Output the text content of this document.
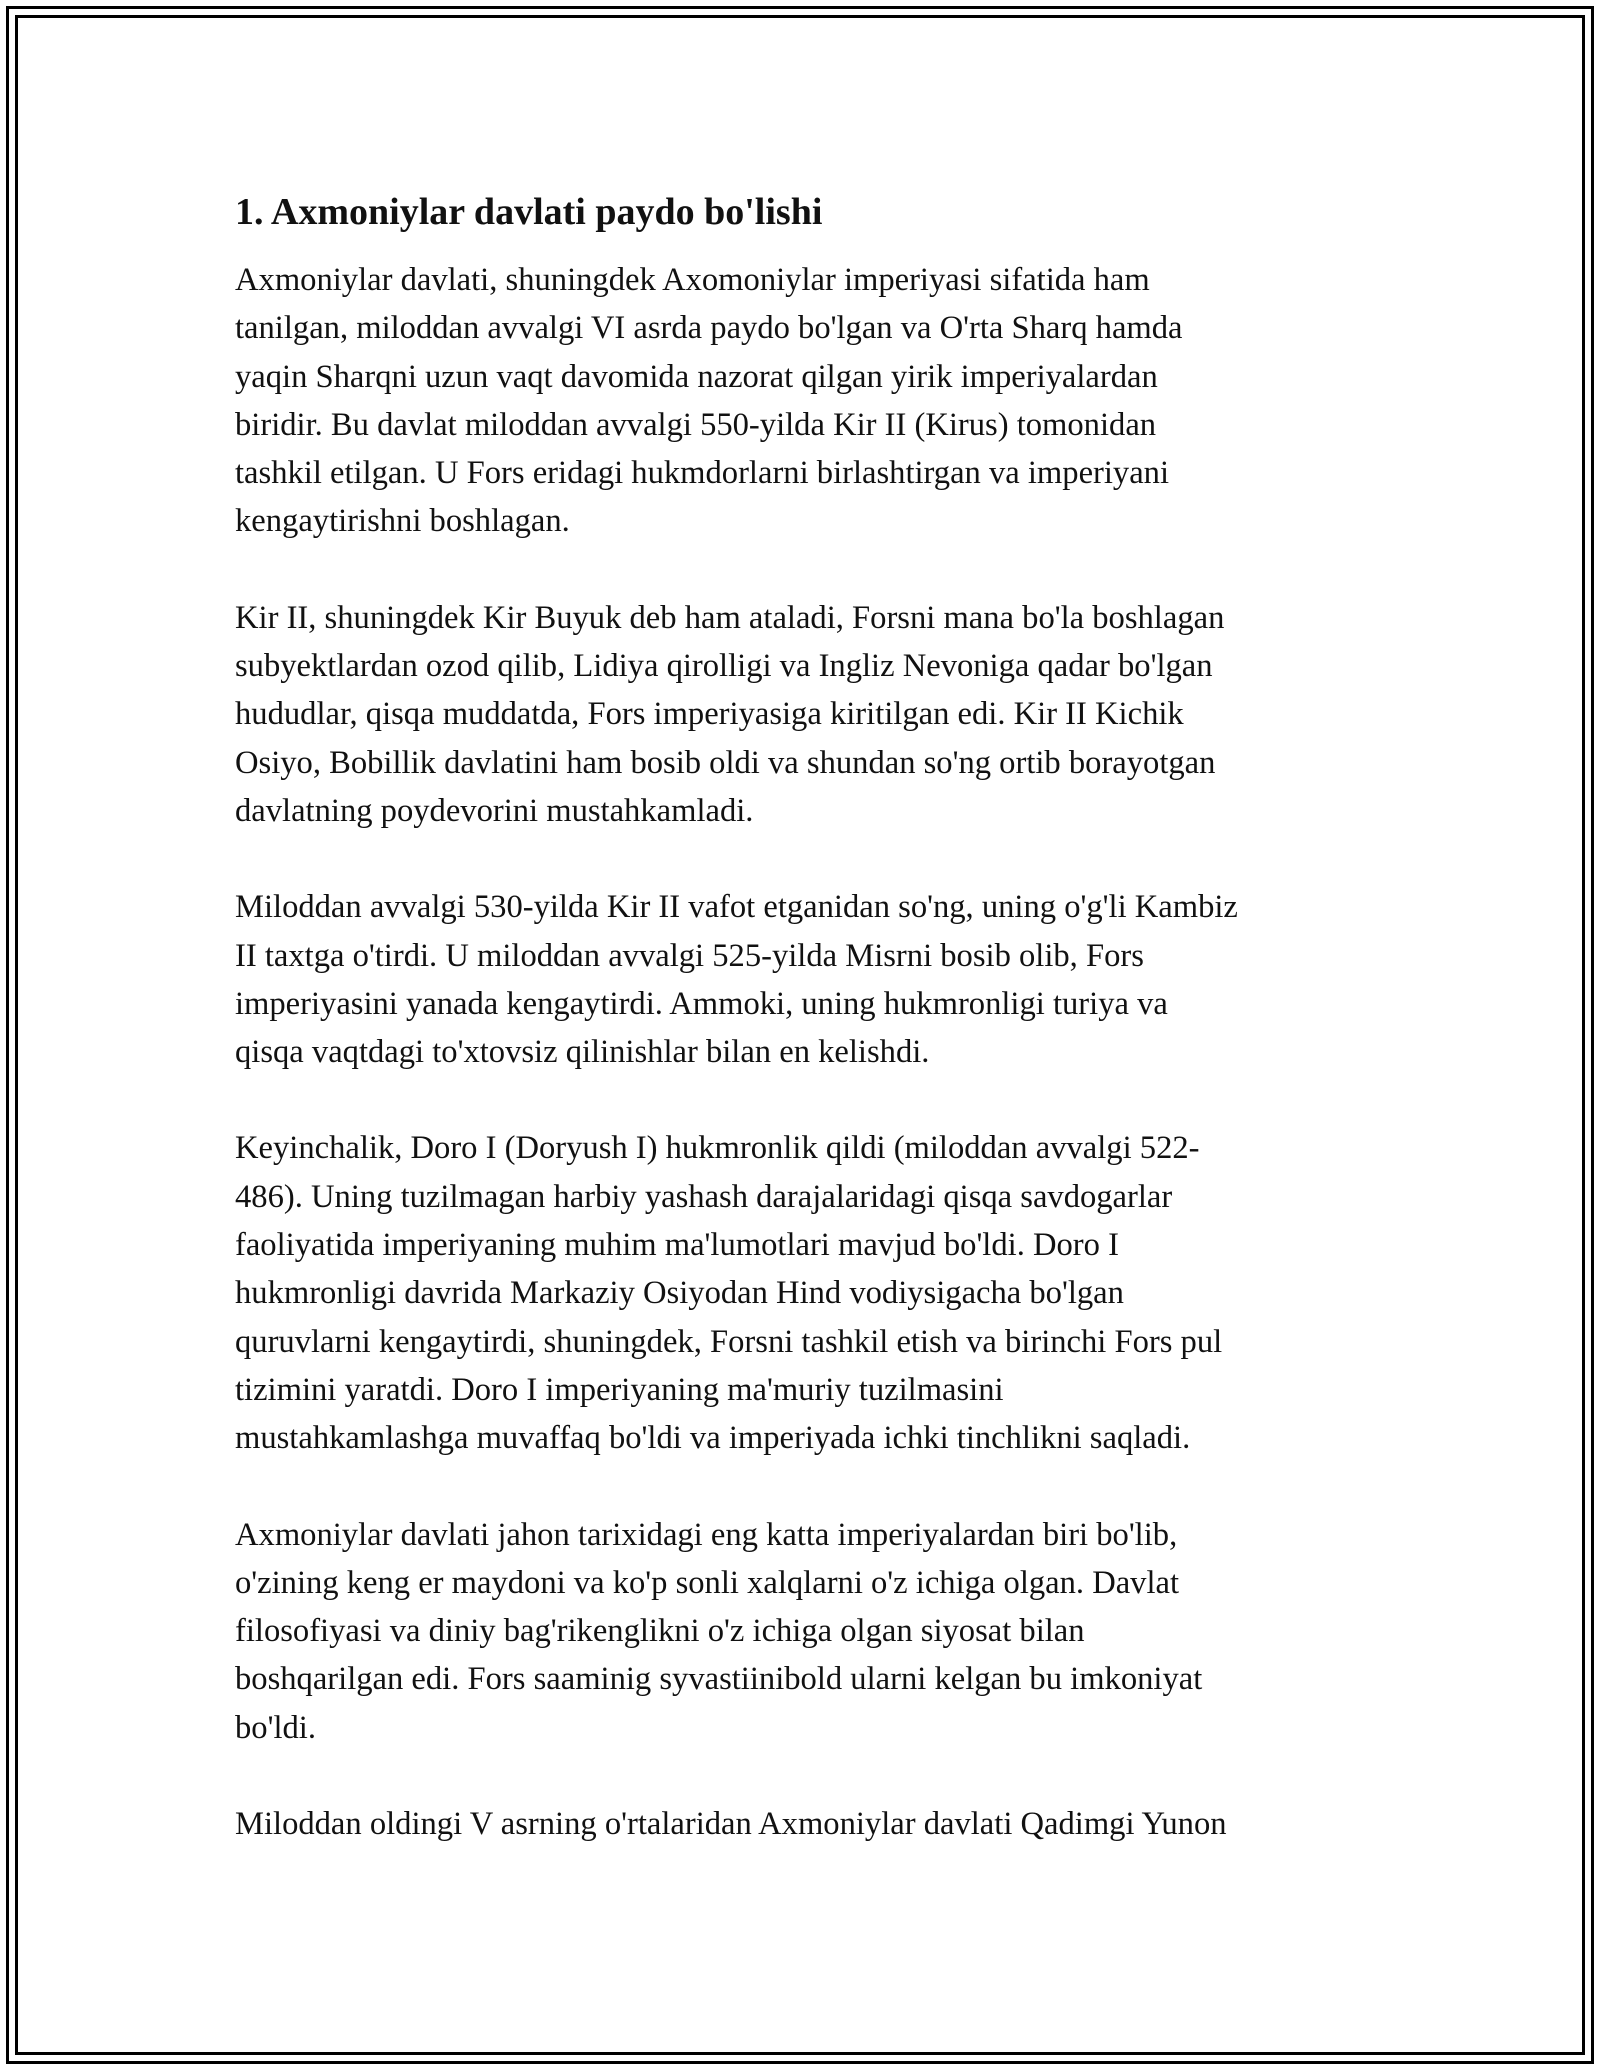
1. Axmoniylar davlati paydo bo'lishi

Axmoniylar davlati, shuningdek Axomoniylar imperiyasi sifatida ham
tanilgan, miloddan avvalgi VI asrda paydo bo'lgan va O'rta Sharq hamda
yaqin Sharqni uzun vaqt davomida nazorat qilgan yirik imperiyalardan
biridir. Bu davlat miloddan avvalgi 550-yilda Kir II (Kirus) tomonidan
tashkil etilgan. U Fors eridagi hukmdorlarni birlashtirgan va imperiyani
kengaytirishni boshlagan.

Kir II, shuningdek Kir Buyuk deb ham ataladi, Forsni mana bo'la boshlagan
subyektlardan ozod qilib, Lidiya qirolligi va Ingliz Nevoniga qadar bo'lgan
hududlar, qisqa muddatda, Fors imperiyasiga kiritilgan edi. Kir II Kichik
Osiyo, Bobillik davlatini ham bosib oldi va shundan so'ng ortib borayotgan
davlatning poydevorini mustahkamladi.

Miloddan avvalgi 530-yilda Kir II vafot etganidan so'ng, uning o'g'li Kambiz
II taxtga o'tirdi. U miloddan avvalgi 525-yilda Misrni bosib olib, Fors
imperiyasini yanada kengaytirdi. Ammoki, uning hukmronligi turiya va
qisqa vaqtdagi to'xtovsiz qilinishlar bilan en kelishdi.

Keyinchalik, Doro I (Doryush I) hukmronlik qildi (miloddan avvalgi 522-
486). Uning tuzilmagan harbiy yashash darajalaridagi qisqa savdogarlar
faoliyatida imperiyaning muhim ma'lumotlari mavjud bo'ldi. Doro I
hukmronligi davrida Markaziy Osiyodan Hind vodiysigacha bo'lgan
quruvlarni kengaytirdi, shuningdek, Forsni tashkil etish va birinchi Fors pul
tizimini yaratdi. Doro I imperiyaning ma'muriy tuzilmasini
mustahkamlashga muvaffaq bo'ldi va imperiyada ichki tinchlikni saqladi.

Axmoniylar davlati jahon tarixidagi eng katta imperiyalardan biri bo'lib,
o'zining keng er maydoni va ko'p sonli xalqlarni o'z ichiga olgan. Davlat
filosofiyasi va diniy bag'rikenglikni o'z ichiga olgan siyosat bilan
boshqarilgan edi. Fors saaminig syvastiinibold ularni kelgan bu imkoniyat
bo'ldi.

Miloddan oldingi V asrning o'rtalaridan Axmoniylar davlati Qadimgi Yunon
